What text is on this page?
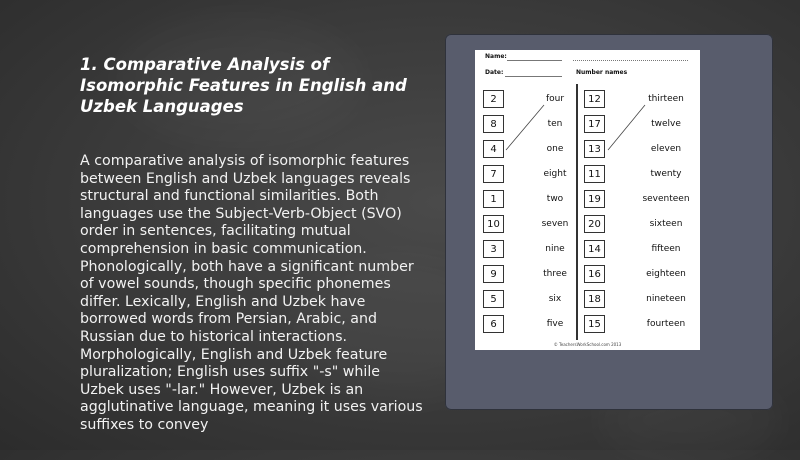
1. Comparative Analysis of Isomorphic Features in English and Uzbek Languages

A comparative analysis of isomorphic features between English and Uzbek languages reveals structural and functional similarities. Both languages use the Subject-Verb-Object (SVO) order in sentences, facilitating mutual comprehension in basic communication. Phonologically, both have a significant number of vowel sounds, though specific phonemes differ. Lexically, English and Uzbek have borrowed words from Persian, Arabic, and Russian due to historical interactions. Morphologically, English and Uzbek feature pluralization; English uses suffix "-s" while Uzbek uses "-lar." However, Uzbek is an agglutinative language, meaning it uses various suffixes to convey

Name:
Date:	Number names
2	four	12	thirteen
8	ten	17	twelve
4	one	13	eleven
7	eight	11	twenty
1	two	19	seventeen
10	seven	20	sixteen
3	nine	14	fifteen
9	three	16	eighteen
5	six	18	nineteen
6	five	15	fourteen
© TeachersWorkSchool.com 2013
